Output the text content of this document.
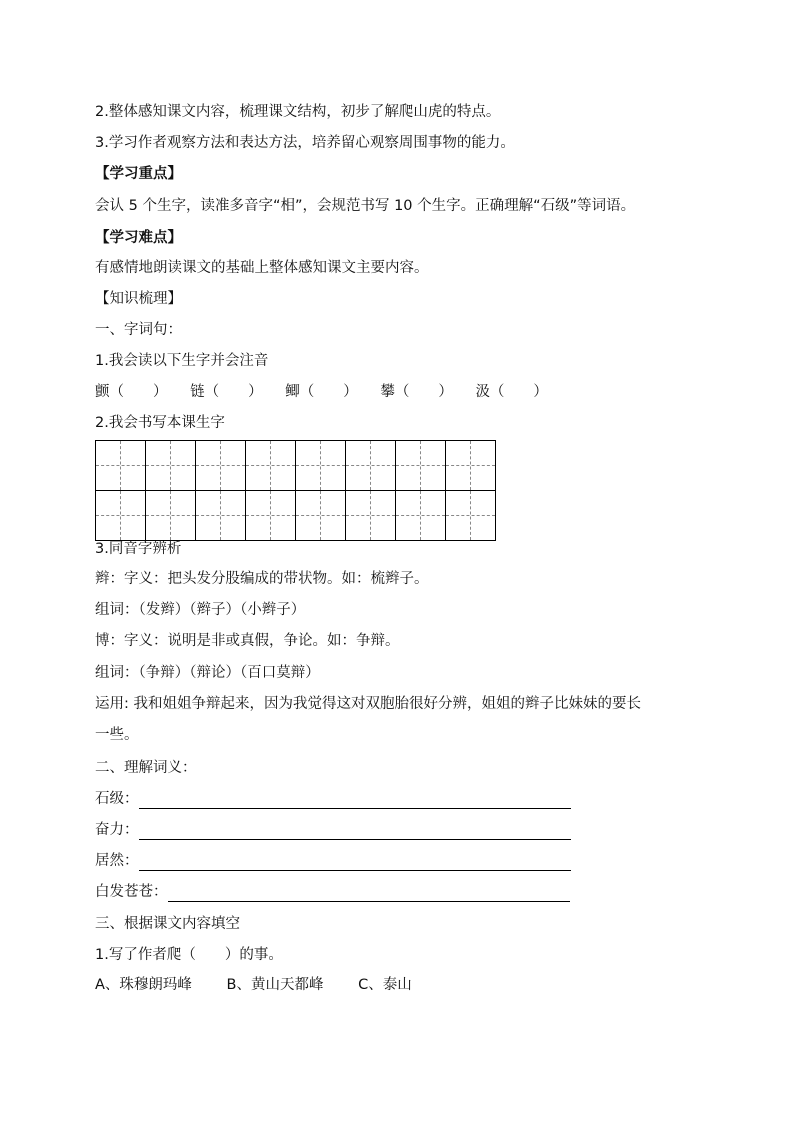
2.整体感知课文内容，梳理课文结构，初步了解爬山虎的特点。
3.学习作者观察方法和表达方法，培养留心观察周围事物的能力。
【学习重点】
会认 5 个生字，读准多音字“相”，会规范书写 10 个生字。正确理解“石级”等词语。
【学习难点】
有感情地朗读课文的基础上整体感知课文主要内容。
【知识梳理】
一、字词句：
1.我会读以下生字并会注音
颤（　　） 链（　　） 鲫（　　） 攀（　　） 汲（　　）
2.我会书写本课生字
3.同音字辨析
辫：字义：把头发分股编成的带状物。如：梳辫子。
组词：（发辫）（辫子）（小辫子）
博：字义：说明是非或真假，争论。如：争辩。
组词：（争辩）（辩论）（百口莫辩）
运用: 我和姐姐争辩起来，因为我觉得这对双胞胎很好分辨，姐姐的辫子比妹妹的要长
一些。
二、理解词义：
石级：
奋力：
居然：
白发苍苍：
三、根据课文内容填空
1.写了作者爬（　　）的事。
A、珠穆朗玛峰 B、黄山天都峰 C、泰山
